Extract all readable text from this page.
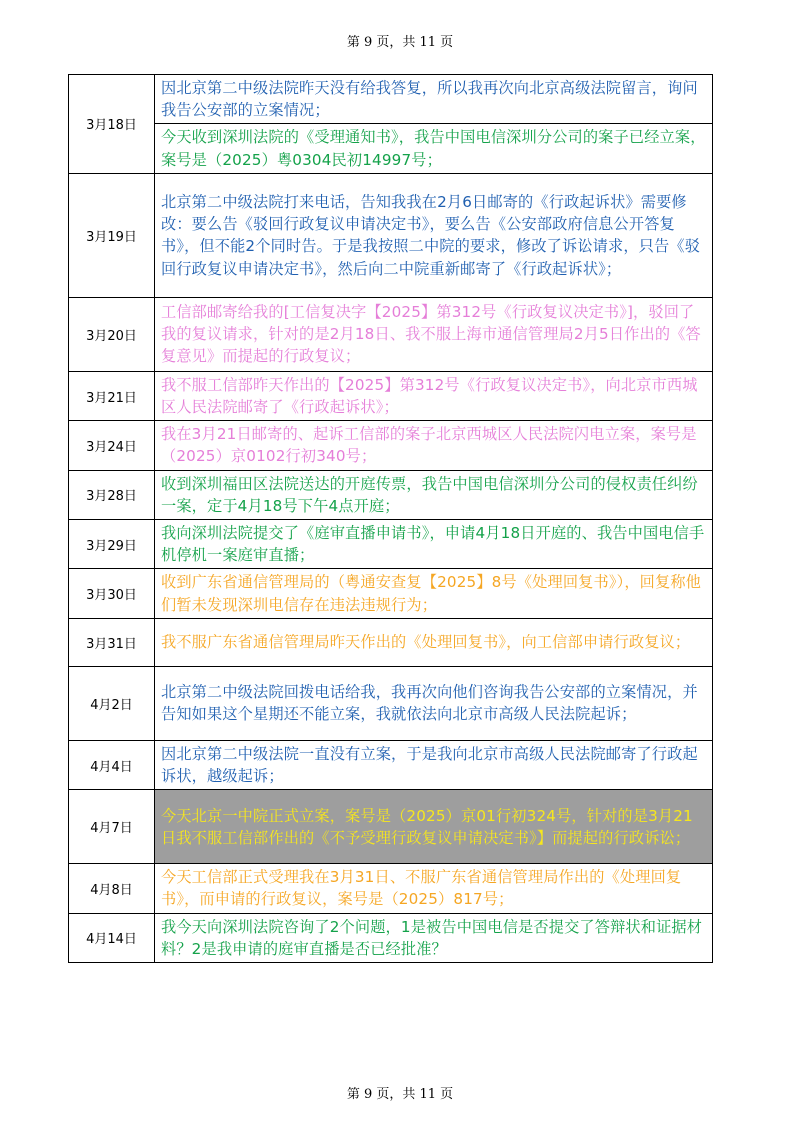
第 9 页，共 11 页
3月18日	因北京第二中级法院昨天没有给我答复，所以我再次向北京高级法院留言，询问我告公安部的立案情况；
	今天收到深圳法院的《受理通知书》，我告中国电信深圳分公司的案子已经立案，案号是（2025）粤0304民初14997号；
3月19日	北京第二中级法院打来电话，告知我我在2月6日邮寄的《行政起诉状》需要修改：要么告《驳回行政复议申请决定书》，要么告《公安部政府信息公开答复书》，但不能2个同时告。于是我按照二中院的要求，修改了诉讼请求，只告《驳回行政复议申请决定书》，然后向二中院重新邮寄了《行政起诉状》；
3月20日	工信部邮寄给我的[工信复决字【2025】第312号《行政复议决定书》]，驳回了我的复议请求，针对的是2月18日、我不服上海市通信管理局2月5日作出的《答复意见》而提起的行政复议；
3月21日	我不服工信部昨天作出的【2025】第312号《行政复议决定书》，向北京市西城区人民法院邮寄了《行政起诉状》；
3月24日	我在3月21日邮寄的、起诉工信部的案子北京西城区人民法院闪电立案，案号是（2025）京0102行初340号；
3月28日	收到深圳福田区法院送达的开庭传票，我告中国电信深圳分公司的侵权责任纠纷一案，定于4月18号下午4点开庭；
3月29日	我向深圳法院提交了《庭审直播申请书》，申请4月18日开庭的、我告中国电信手机停机一案庭审直播；
3月30日	收到广东省通信管理局的（粤通安查复【2025】8号《处理回复书》），回复称他们暂未发现深圳电信存在违法违规行为；
3月31日	我不服广东省通信管理局昨天作出的《处理回复书》，向工信部申请行政复议；
4月2日	北京第二中级法院回拨电话给我，我再次向他们咨询我告公安部的立案情况，并告知如果这个星期还不能立案，我就依法向北京市高级人民法院起诉；
4月4日	因北京第二中级法院一直没有立案，于是我向北京市高级人民法院邮寄了行政起诉状，越级起诉；
4月7日	今天北京一中院正式立案，案号是（2025）京01行初324号，针对的是3月21日我不服工信部作出的《不予受理行政复议申请决定书》】而提起的行政诉讼；
4月8日	今天工信部正式受理我在3月31日、不服广东省通信管理局作出的《处理回复书》，而申请的行政复议，案号是（2025）817号；
4月14日	我今天向深圳法院咨询了2个问题，1是被告中国电信是否提交了答辩状和证据材料？2是我申请的庭审直播是否已经批准？
第 9 页，共 11 页
